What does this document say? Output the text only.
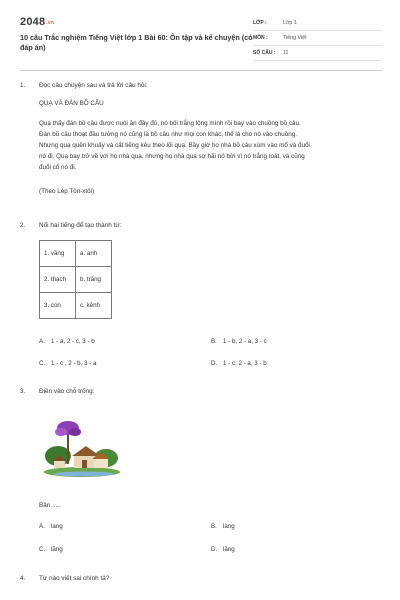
2048.vn
10 câu Trắc nghiệm Tiếng Việt lớp 1 Bài 60: Ôn tập và kể chuyện (có đáp án)
LỚP :	Lớp 1
MÔN :	Tiếng Việt
SỐ CÂU :	11
1. Đọc câu chuyện sau và trả lời câu hỏi:
QUẠ VÀ ĐÀN BỒ CÂU
Quạ thấy đàn bồ câu được nuôi ăn đầy đủ, nó bôi trắng lông mình rồi bay vào chuồng bồ câu.
Đàn bồ câu thoạt đầu tưởng nó cũng là bồ câu như mọi con khác, thế là cho nó vào chuồng.
Nhưng quạ quên khuấy và cất tiếng kêu theo lối quạ. Bầy giờ họ nhà bồ câu xùm vào mổ và đuổi
nó đi. Quạ bay trở về với họ nhà quạ, nhưng họ nhà quạ sợ hãi nó bởi vì nó trắng toát, và cũng
đuổi cổ nó đi.
(Theo Lép Tôn-xtôi)
2. Nối hai tiếng để tạo thành từ:
1. vầng	a. anh
2. thạch	b. trăng
3. con	c. kênh
A. 1 - a, 2 - c, 3 - b	B. 1 - b, 2 - a, 3 - c
C. 1 - c , 2 - b, 3 - a	D. 1 - c, 2 - a, 3 - b
3. Điền vào chỗ trống:
Bản .....
A. lang	B. làng
C. lãng	D. lăng
4. Từ nào viết sai chính tả?
